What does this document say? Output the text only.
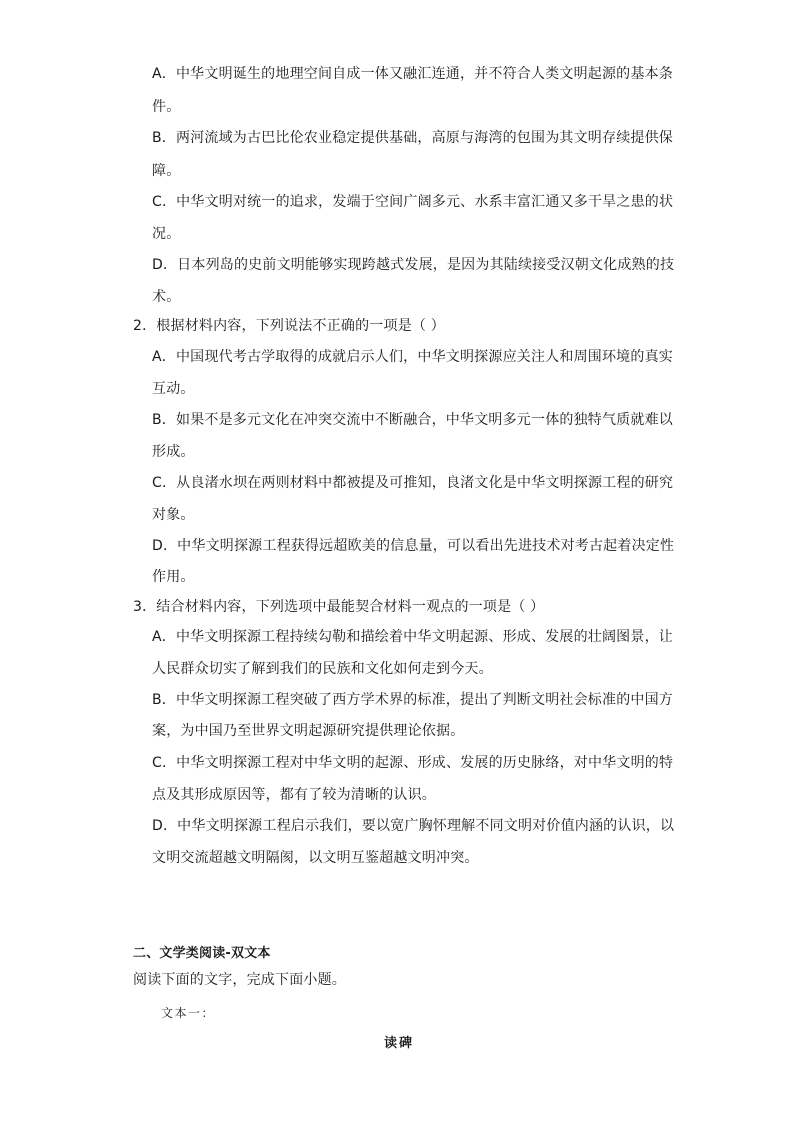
A．中华文明诞生的地理空间自成一体又融汇连通，并不符合人类文明起源的基本条
件。
B．两河流域为古巴比伦农业稳定提供基础，高原与海湾的包围为其文明存续提供保
障。
C．中华文明对统一的追求，发端于空间广阔多元、水系丰富汇通又多干旱之患的状
况。
D．日本列岛的史前文明能够实现跨越式发展，是因为其陆续接受汉朝文化成熟的技
术。
2．根据材料内容，下列说法不正确的一项是（ ）
A．中国现代考古学取得的成就启示人们，中华文明探源应关注人和周围环境的真实
互动。
B．如果不是多元文化在冲突交流中不断融合，中华文明多元一体的独特气质就难以
形成。
C．从良渚水坝在两则材料中都被提及可推知，良渚文化是中华文明探源工程的研究
对象。
D．中华文明探源工程获得远超欧美的信息量，可以看出先进技术对考古起着决定性
作用。
3．结合材料内容，下列选项中最能契合材料一观点的一项是（ ）
A．中华文明探源工程持续勾勒和描绘着中华文明起源、形成、发展的壮阔图景，让
人民群众切实了解到我们的民族和文化如何走到今天。
B．中华文明探源工程突破了西方学术界的标准，提出了判断文明社会标准的中国方
案，为中国乃至世界文明起源研究提供理论依据。
C．中华文明探源工程对中华文明的起源、形成、发展的历史脉络，对中华文明的特
点及其形成原因等，都有了较为清晰的认识。
D．中华文明探源工程启示我们，要以宽广胸怀理解不同文明对价值内涵的认识，以
文明交流超越文明隔阂，以文明互鉴超越文明冲突。
二、文学类阅读-双文本
阅读下面的文字，完成下面小题。
文本一：
读碑
